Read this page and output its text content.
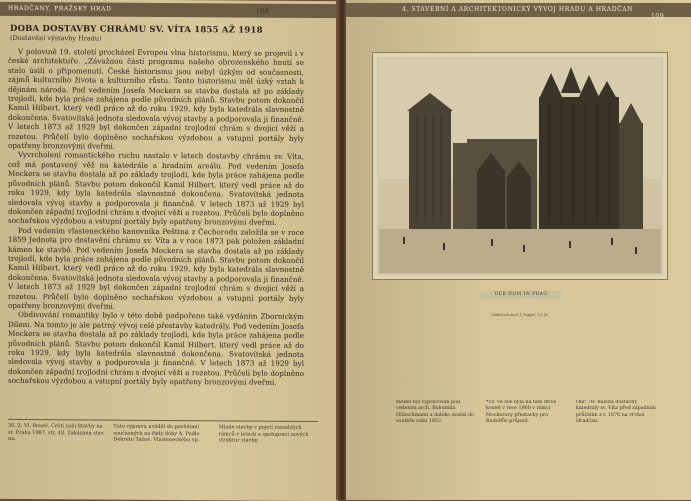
HRADČANY, PRAŽSKÝ HRAD	108
DOBA DOSTAVBY CHRÁMU SV. VÍTA 1855 AŽ 1918
(Dostavění výstavby Hradu)

V polovině 19. století procházel Evropou vlna historismu, který se projevil i v české architektuře. „Závažnou částí programu našeho obrozenského hnutí se stalo úsilí o připomenutí. České historismu jsou nebyl úzkým od současnosti, zájmů kulturního života a kulturního růstu. Tento historismu měl úzký vztah k dějinám národa. Pod vedením Josefa Mockera se stavba dostala až po základy trojlodí, kde byla práce zahájena podle původních plánů. Stavbu potom dokončil Kamil Hilbert, který vedl práce až do roku 1929, kdy byla katedrála slavnostně dokončena. Svatovítská jednota sledovala vývoj stavby a podporovala ji finančně. V letech 1873 až 1929 byl dokončen západní trojlodní chrám s dvojicí věží a rozetou. Průčelí bylo doplněno sochařskou výzdobou a vstupní portály byly opatřeny bronzovými dveřmi.

Vyvrcholení romantického ruchu nastalo v letech dostavby chrámu sv. Víta, což má postavený věž na katedrále a hradním areálu. Pod vedením Josefa Mockera se stavba dostala až po základy trojlodí, kde byla práce zahájena podle původních plánů. Stavbu potom dokončil Kamil Hilbert, který vedl práce až do roku 1929, kdy byla katedrála slavnostně dokončena. Svatovítská jednota sledovala vývoj stavby a podporovala ji finančně. V letech 1873 až 1929 byl dokončen západní trojlodní chrám s dvojicí věží a rozetou. Průčelí bylo doplněno sochařskou výzdobou a vstupní portály byly opatřeny bronzovými dveřmi.

Pod vedením vlasteneckého kanovníka Peština z Čechorodu založila se v roce 1859 Jednota pro dostavění chrámu sv. Víta a v roce 1873 pak položen základní kámen ke stavbě. Pod vedením Josefa Mockera se stavba dostala až po základy trojlodí, kde byla práce zahájena podle původních plánů. Stavbu potom dokončil Kamil Hilbert, který vedl práce až do roku 1929, kdy byla katedrála slavnostně dokončena. Svatovítská jednota sledovala vývoj stavby a podporovala ji finančně. V letech 1873 až 1929 byl dokončen západní trojlodní chrám s dvojicí věží a rozetou. Průčelí bylo doplněno sochařskou výzdobou a vstupní portály byly opatřeny bronzovými dveřmi.

Obdivování romantiky bylo v této době podpořeno také vydáním Zbornickým Dílem. Na tomto je ale patrný vývoj celé přestavby katedrály. Pod vedením Josefa Mockera se stavba dostala až po základy trojlodí, kde byla práce zahájena podle původních plánů. Stavbu potom dokončil Kamil Hilbert, který vedl práce až do roku 1929, kdy byla katedrála slavnostně dokončena. Svatovítská jednota sledovala vývoj stavby a podporovala ji finančně. V letech 1873 až 1929 byl dokončen západní trojlodní chrám s dvojicí věží a rozetou. Průčelí bylo doplněno sochařskou výzdobou a vstupní portály byly opatřeny bronzovými dveřmi.

36. Z. Vl. Beneš, Čeští naší Stavby na st. Praha 1987, str. 48. Zakázaná stav. na.
Tuto výpravu uváděl do povědomí současných na řády doby A. Podle Dekretu Tažné. Vlasteneckého sp.
Mlade stavby v pojetí rozsáhlých rámců v letech a spoluprací nových struktur stavby.
4. STAVEBNÍ A ARCHITEKTONICKÝ VÝVOJ HRADU A HRADČAN
109
DER DOM IN PRAG
Stahlstich nach J. Poppel, 19. Jh.
Model byl vypracován pod vedením arch. Bohumila Hübschmann a daleko dostal do soutěže roku 1852.
*Tz. ve své byla na tam dříve kostel v roce 1900 v rámci Mockerovy přestavby pro Rudolfův průjezd.
Obr. 78: Balóna dostavby katedrály sv. Víta před západním průčelím z r. 1876 na vrchol Hradčan.
